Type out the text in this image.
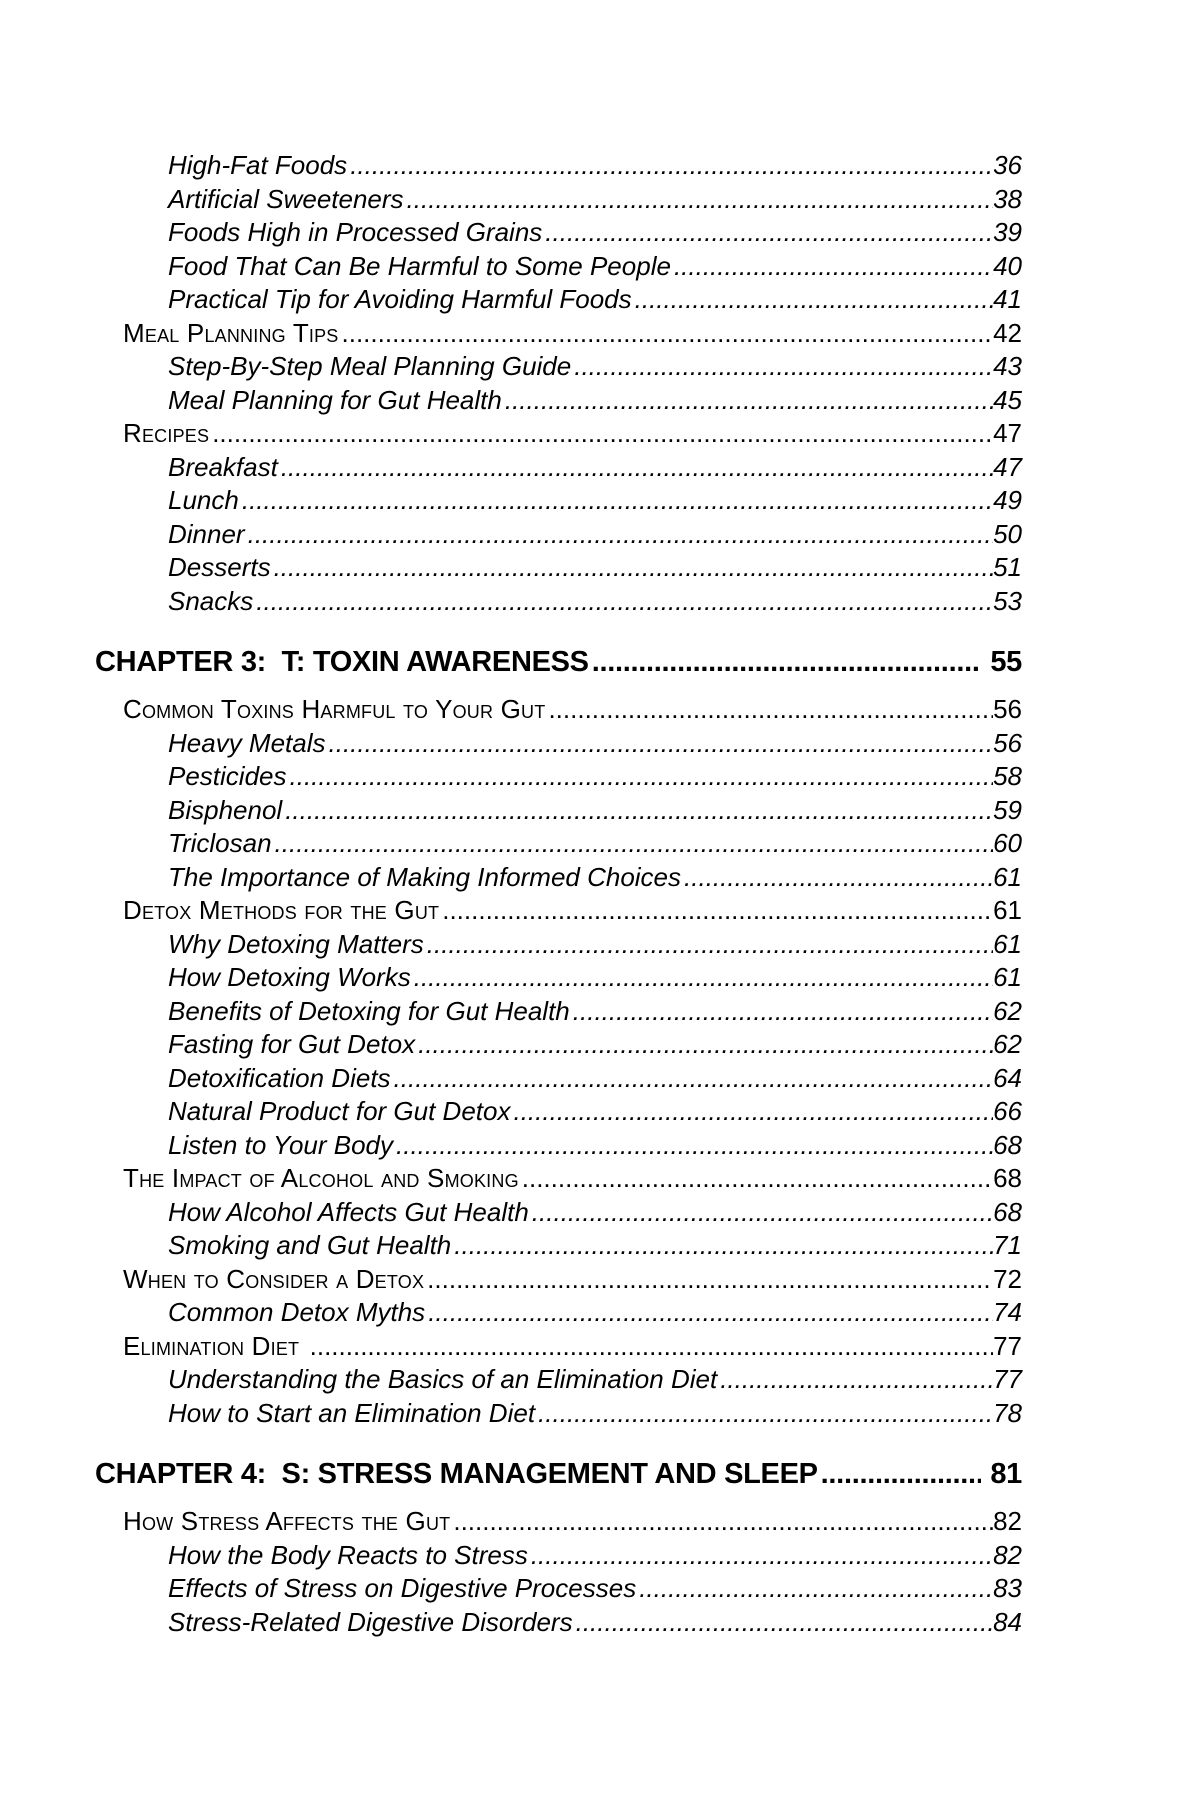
High-Fat Foods .....	36
Artificial Sweeteners .....	38
Foods High in Processed Grains .....	39
Food That Can Be Harmful to Some People .....	40
Practical Tip for Avoiding Harmful Foods .....	41
Meal Planning Tips .....	42
Step-By-Step Meal Planning Guide .....	43
Meal Planning for Gut Health .....	45
Recipes .....	47
Breakfast .....	47
Lunch .....	49
Dinner .....	50
Desserts .....	51
Snacks .....	53
CHAPTER 3:  T: TOXIN AWARENESS .....	55
Common Toxins Harmful to Your Gut .....	56
Heavy Metals .....	56
Pesticides .....	58
Bisphenol .....	59
Triclosan .....	60
The Importance of Making Informed Choices .....	61
Detox Methods for the Gut .....	61
Why Detoxing Matters .....	61
How Detoxing Works .....	61
Benefits of Detoxing for Gut Health .....	62
Fasting for Gut Detox .....	62
Detoxification Diets .....	64
Natural Product for Gut Detox .....	66
Listen to Your Body .....	68
The Impact of Alcohol and Smoking .....	68
How Alcohol Affects Gut Health .....	68
Smoking and Gut Health .....	71
When to Consider a Detox .....	72
Common Detox Myths .....	74
Elimination Diet .....	77
Understanding the Basics of an Elimination Diet .....	77
How to Start an Elimination Diet .....	78
CHAPTER 4:  S: STRESS MANAGEMENT AND SLEEP .....	81
How Stress Affects the Gut .....	82
How the Body Reacts to Stress .....	82
Effects of Stress on Digestive Processes .....	83
Stress-Related Digestive Disorders .....	84
